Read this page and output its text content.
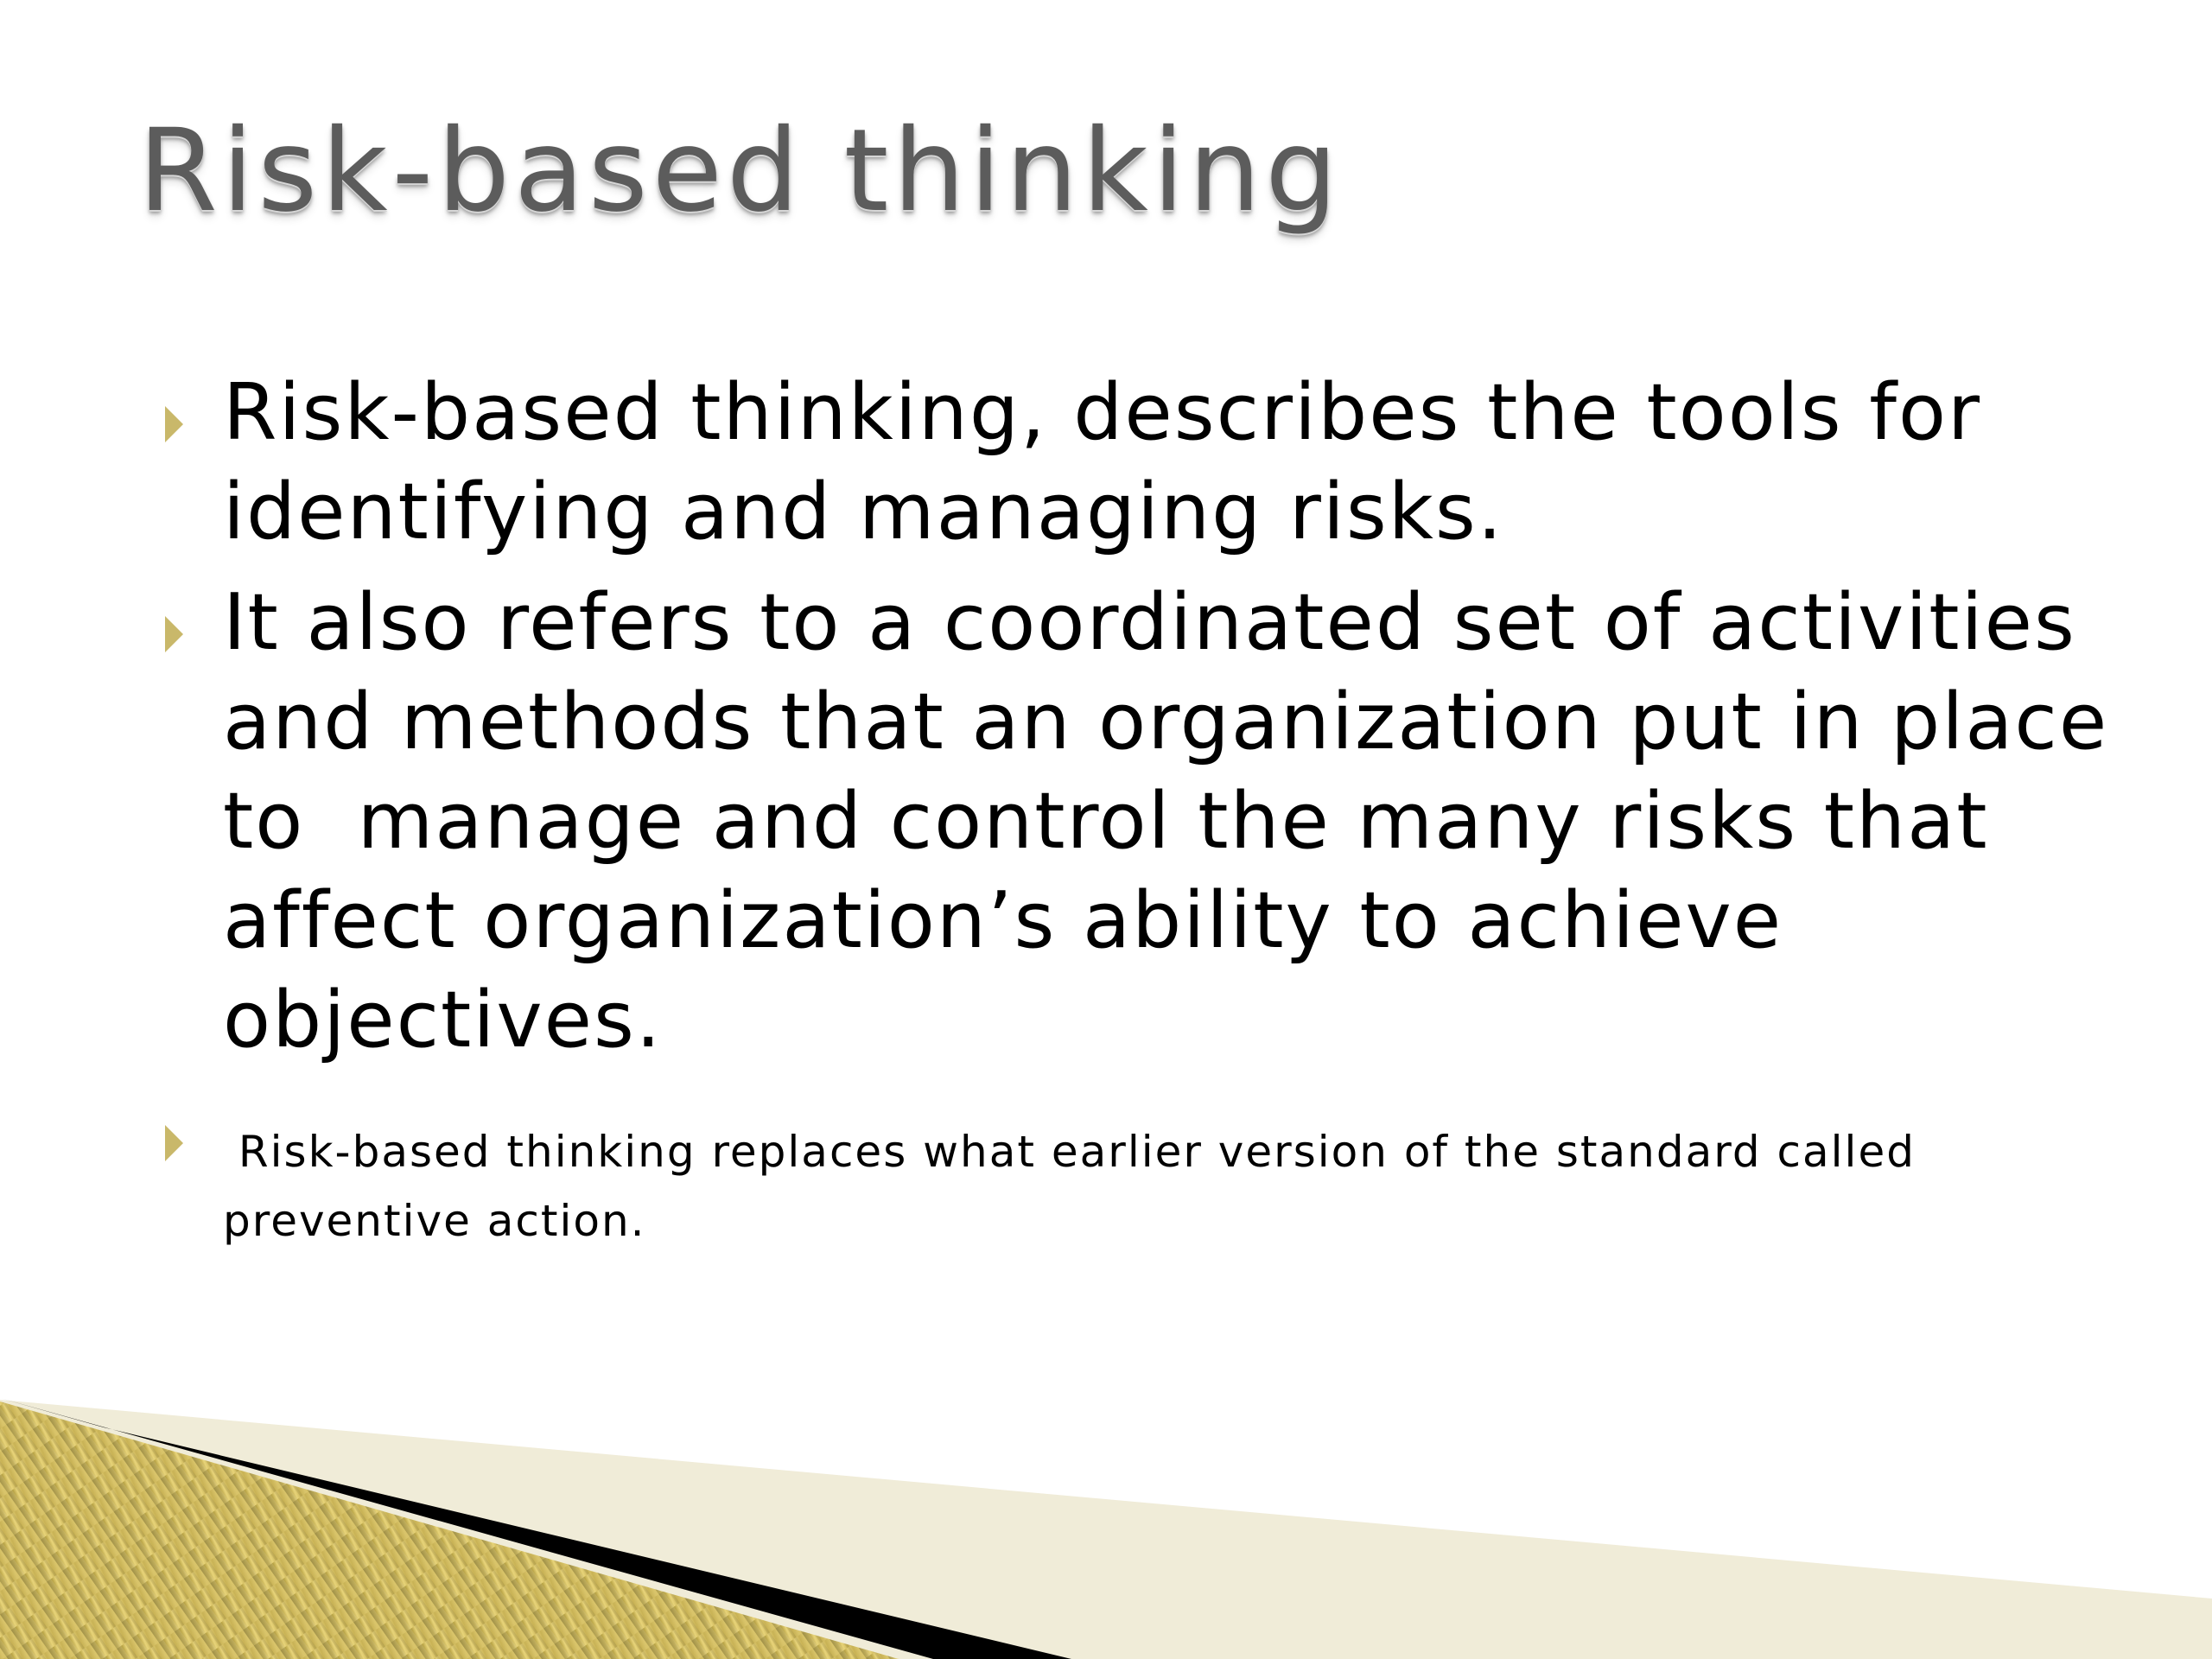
Risk-based thinking

Risk-based thinking, describes the tools for identifying and managing risks.

It also refers to a coordinated set of activities and methods that an organization put in place to  manage and control the many risks that affect organization’s ability to achieve objectives.

Risk-based thinking replaces what earlier version of the standard called preventive action.
